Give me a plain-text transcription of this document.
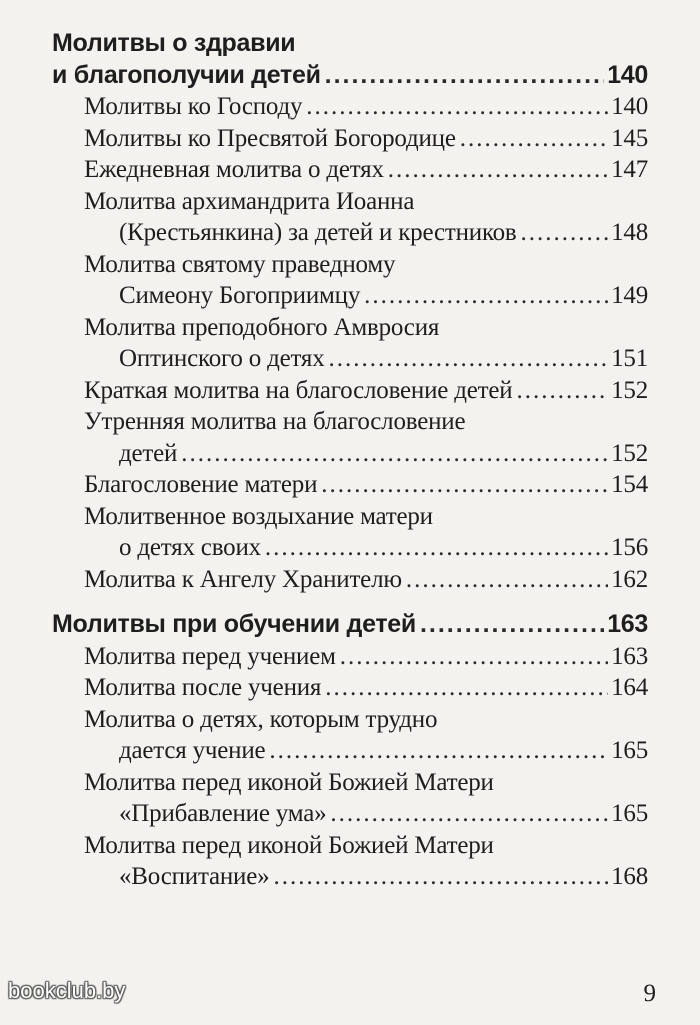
Молитвы о здравии
и благополучии детей .....	140
Молитвы ко Господу .....	140
Молитвы ко Пресвятой Богородице .....	145
Ежедневная молитва о детях .....	147
Молитва архимандрита Иоанна
(Крестьянкина) за детей и крестников .....	148
Молитва святому праведному
Симеону Богоприимцу .....	149
Молитва преподобного Амвросия
Оптинского о детях .....	151
Краткая молитва на благословение детей .....	152
Утренняя молитва на благословение
детей .....	152
Благословение матери .....	154
Молитвенное воздыхание матери
о детях своих .....	156
Молитва к Ангелу Хранителю .....	162
Молитвы при обучении детей .....	163
Молитва перед учением .....	163
Молитва после учения .....	164
Молитва о детях, которым трудно
дается учение .....	165
Молитва перед иконой Божией Матери
«Прибавление ума» .....	165
Молитва перед иконой Божией Матери
«Воспитание» .....	168
bookclub.by	9
